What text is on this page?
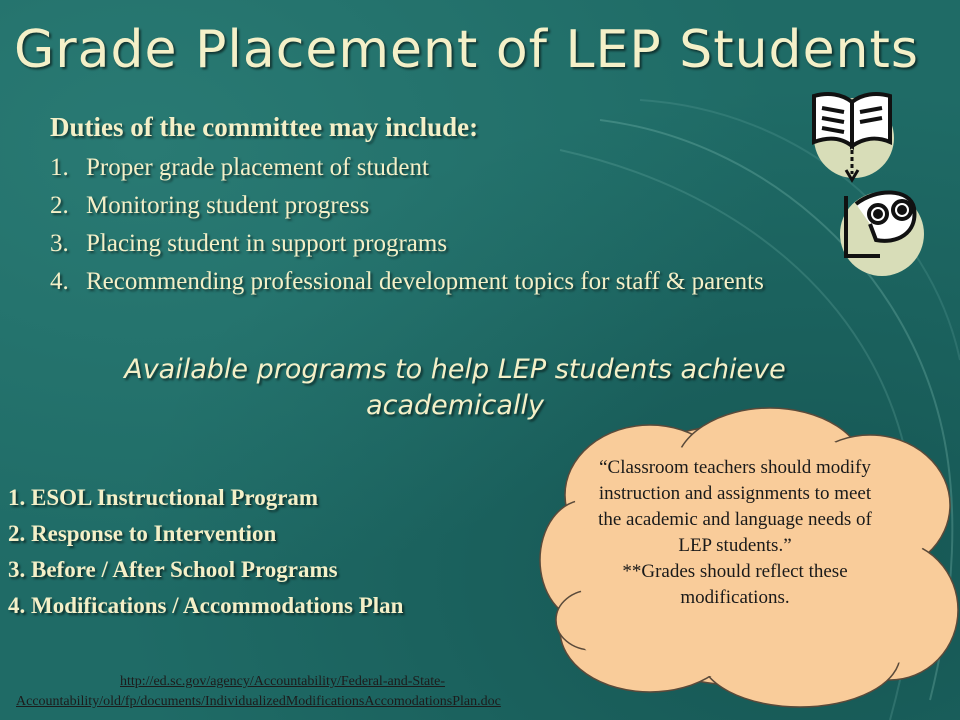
Grade Placement of LEP Students

Duties of the committee may include:

1. Proper grade placement of student
2. Monitoring student progress
3. Placing student in support programs
4. Recommending professional development topics for staff & parents
Available programs to help LEP students achieve academically
1. ESOL Instructional Program
2. Response to Intervention
3. Before / After School Programs
4. Modifications / Accommodations Plan

“Classroom teachers should modify instruction and assignments to meet the academic and language needs of LEP students.”

**Grades should reflect these modifications.

http://ed.sc.gov/agency/Accountability/Federal-and-State-
Accountability/old/fp/documents/IndividualizedModificationsAccomodationsPlan.doc
